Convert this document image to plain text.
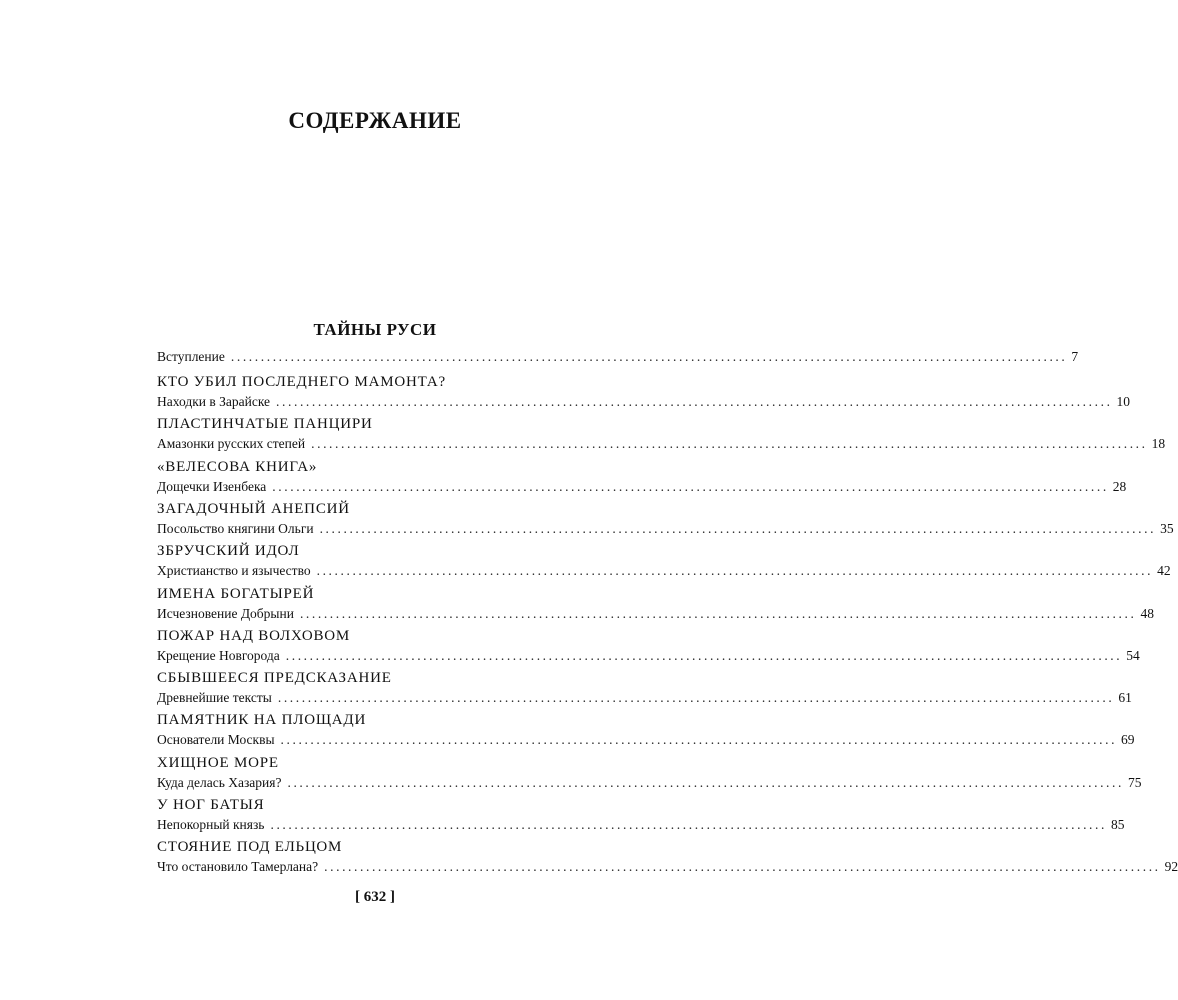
СОДЕРЖАНИЕ
ТАЙНЫ РУСИ
Вступление ............................................................................................................................................ 7
КТО УБИЛ ПОСЛЕДНЕГО МАМОНТА?
Находки в Зарайске ............................................................................................................................................ 10
ПЛАСТИНЧАТЫЕ ПАНЦИРИ
Амазонки русских степей ............................................................................................................................................ 18
«ВЕЛЕСОВА КНИГА»
Дощечки Изенбека ............................................................................................................................................ 28
ЗАГАДОЧНЫЙ АНЕПСИЙ
Посольство княгини Ольги ............................................................................................................................................ 35
ЗБРУЧСКИЙ ИДОЛ
Христианство и язычество ............................................................................................................................................ 42
ИМЕНА БОГАТЫРЕЙ
Исчезновение Добрыни ............................................................................................................................................ 48
ПОЖАР НАД ВОЛХОВОМ
Крещение Новгорода ............................................................................................................................................ 54
СБЫВШЕЕСЯ ПРЕДСКАЗАНИЕ
Древнейшие тексты ............................................................................................................................................ 61
ПАМЯТНИК НА ПЛОЩАДИ
Основатели Москвы ............................................................................................................................................ 69
ХИЩНОЕ МОРЕ
Куда делась Хазария? ............................................................................................................................................ 75
У НОГ БАТЫЯ
Непокорный князь ............................................................................................................................................ 85
СТОЯНИЕ ПОД ЕЛЬЦОМ
Что остановило Тамерлана? ............................................................................................................................................ 92
[ 632 ]
